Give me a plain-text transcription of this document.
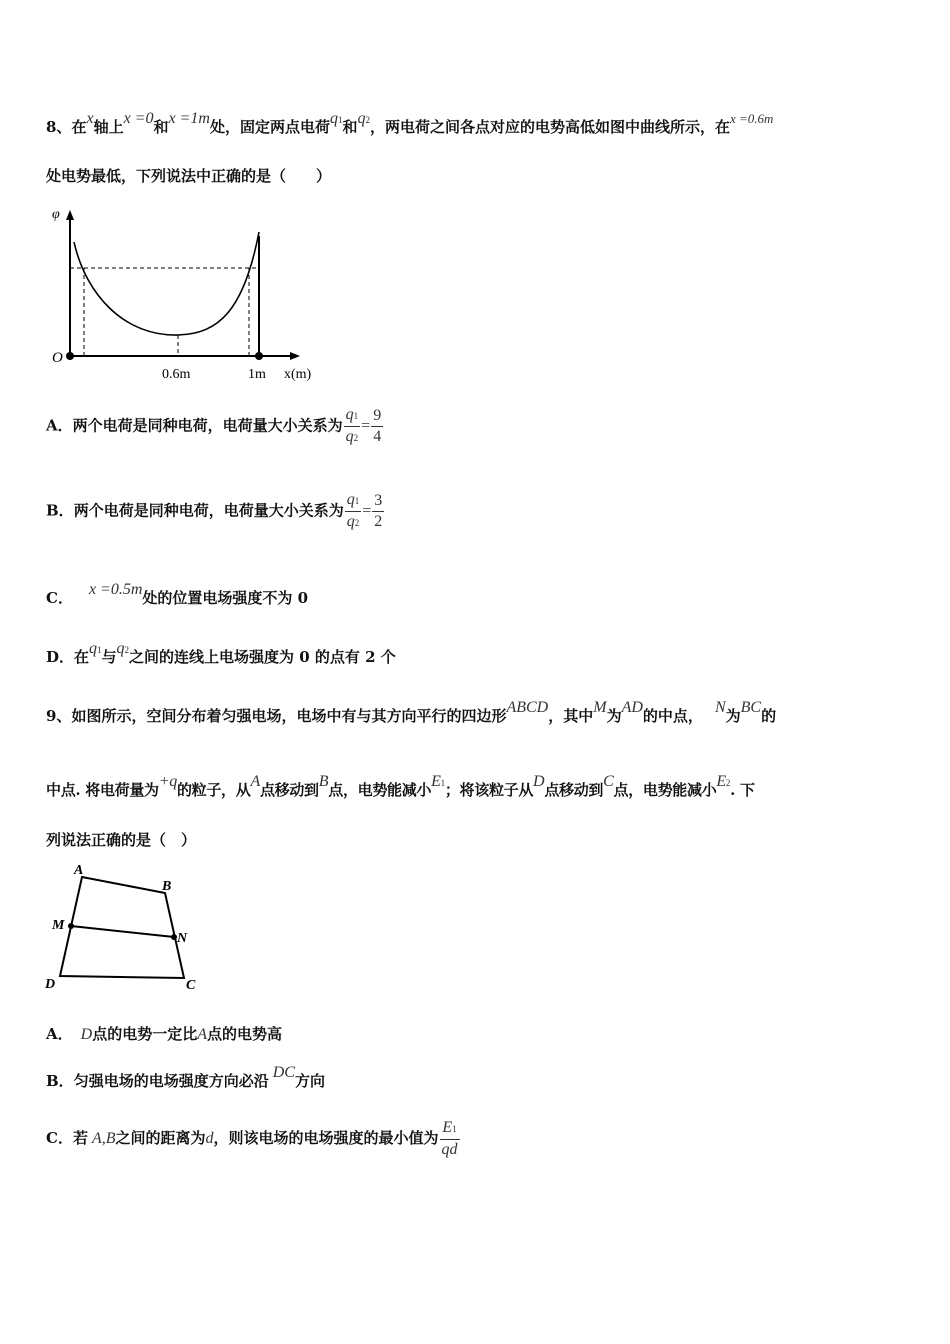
8、在x轴上x =0和x =1m处，固定两点电荷q1和q2，两电荷之间各点对应的电势高低如图中曲线所示，在x =0.6m
处电势最低，下列说法中正确的是（　　）
φ
O
0.6m	1m x(m)
A．两个电荷是同种电荷，电荷量大小关系为 $\frac{q1}{q2} = \frac{9}{4}$
B．两个电荷是同种电荷，电荷量大小关系为 $\frac{q1}{q2} = \frac{3}{2}$
C． x =0.5m处的位置电场强度不为 0
D．在q1与q2之间的连线上电场强度为 0 的点有 2 个
9、如图所示，空间分布着匀强电场，电场中有与其方向平行的四边形ABCD，其中M为AD的中点， N为BC的
中点. 将电荷量为+q的粒子，从A点移动到B点，电势能减小E1；将该粒子从D点移动到C点，电势能减小E2. 下
列说法正确的是（　）
A
B
M
N
D	C
A． D点的电势一定比A点的电势高
B．匀强电场的电场强度方向必沿 DC方向
C．若 A,B之间的距离为d，则该电场的电场强度的最小值为 $\frac{E1}{qd}$
